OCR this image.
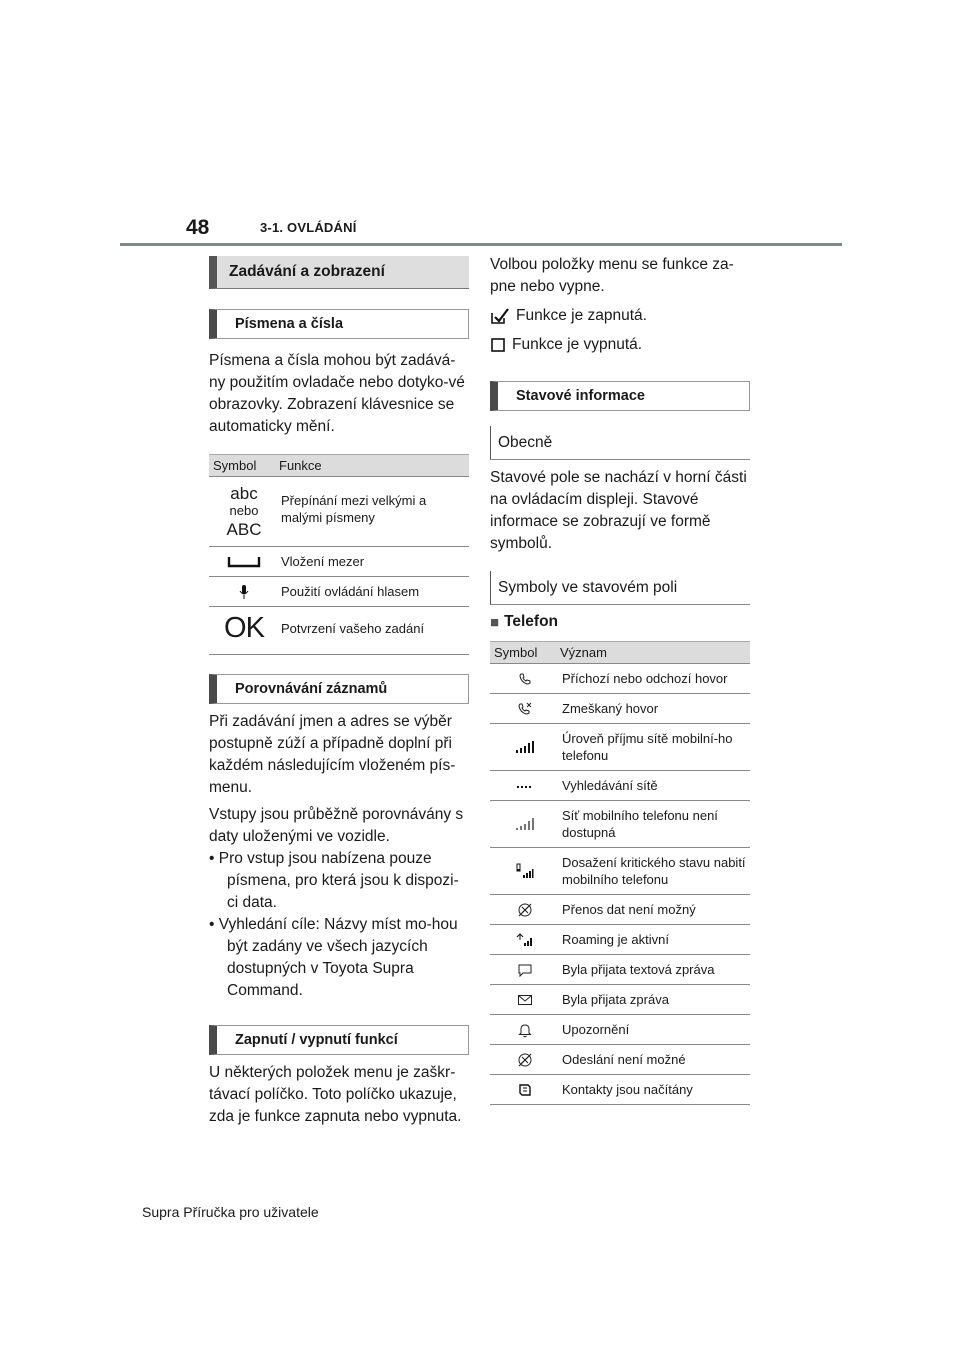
48	3-1. OVLÁDÁNÍ
Zadávání a zobrazení
Písmena a čísla
Písmena a čísla mohou být zadává-ny použitím ovladače nebo dotyko-vé obrazovky. Zobrazení klávesnice se automaticky mění.
Symbol	Funkce

abc
nebo
ABC	Přepínání mezi velkými a malými písmeny

	Vložení mezer

	Použití ovládání hlasem
OK	Potvrzení vašeho zadání
Porovnávání záznamů
Při zadávání jmen a adres se výběr postupně zúží a případně doplní při každém následujícím vloženém pís-menu.
Vstupy jsou průběžně porovnávány s daty uloženými ve vozidle.
• Pro vstup jsou nabízena pouze písmena, pro která jsou k dispozi-ci data.
• Vyhledání cíle: Názvy míst mo-hou být zadány ve všech jazycích dostupných v Toyota Supra Command.
Zapnutí / vypnutí funkcí
U některých položek menu je zaškr-távací políčko. Toto políčko ukazuje, zda je funkce zapnuta nebo vypnuta.
Volbou položky menu se funkce za-pne nebo vypne.
Funkce je zapnutá.
Funkce je vypnutá.
Stavové informace
Obecně
Stavové pole se nachází v horní části na ovládacím displeji. Stavové informace se zobrazují ve formě symbolů.
Symboly ve stavovém poli
■ Telefon
Symbol	Význam

	Příchozí nebo odchozí hovor

	Zmeškaný hovor

	Úroveň příjmu sítě mobilní-ho telefonu

	Vyhledávání sítě

	Síť mobilního telefonu není dostupná

	Dosažení kritického stavu nabití mobilního telefonu

	Přenos dat není možný

	Roaming je aktivní

	Byla přijata textová zpráva

	Byla přijata zpráva

	Upozornění

	Odeslání není možné

	Kontakty jsou načítány
Supra Příručka pro uživatele
